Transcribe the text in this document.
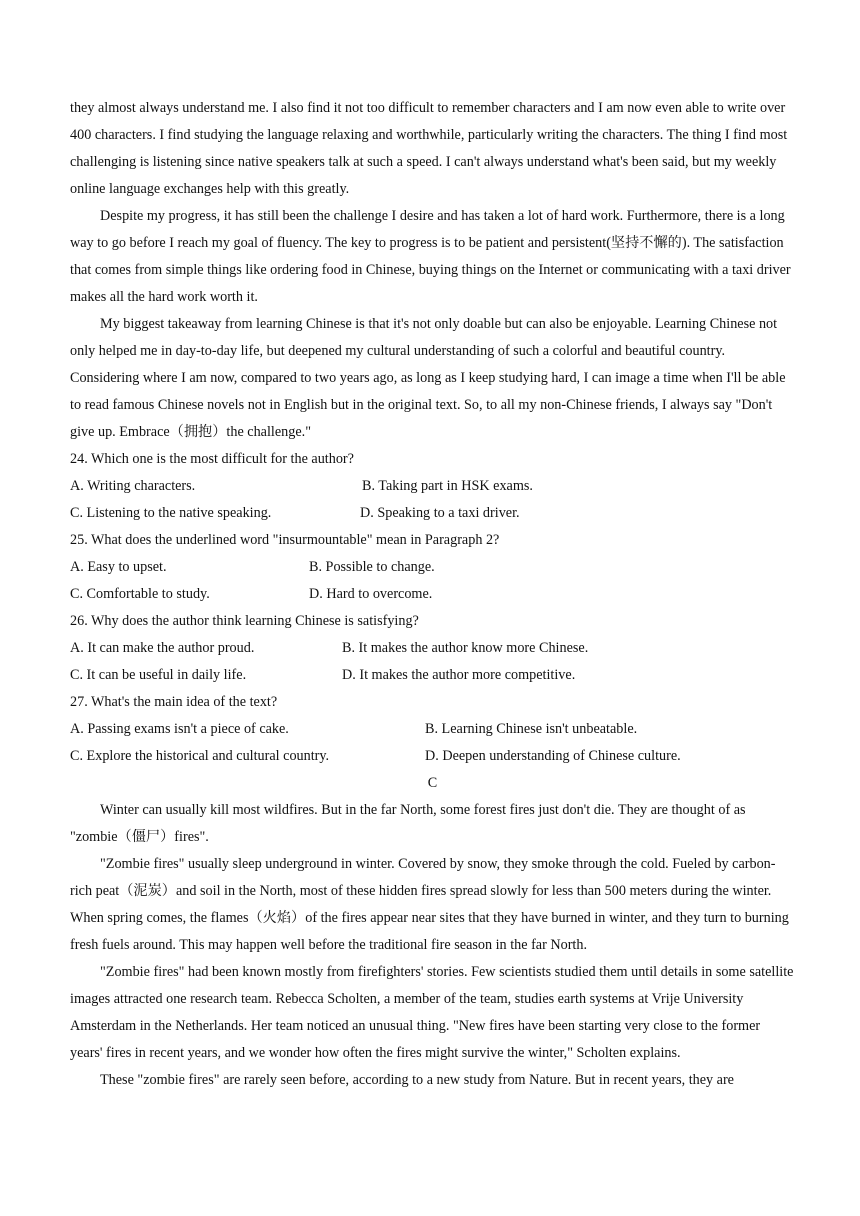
they almost always understand me. I also find it not too difficult to remember characters and I am now even able to write over 400 characters. I find studying the language relaxing and worthwhile, particularly writing the characters. The thing I find most challenging is listening since native speakers talk at such a speed. I can't always understand what's been said, but my weekly online language exchanges help with this greatly.

Despite my progress, it has still been the challenge I desire and has taken a lot of hard work. Furthermore, there is a long way to go before I reach my goal of fluency. The key to progress is to be patient and persistent(坚持不懈的). The satisfaction that comes from simple things like ordering food in Chinese, buying things on the Internet or communicating with a taxi driver makes all the hard work worth it.

My biggest takeaway from learning Chinese is that it's not only doable but can also be enjoyable. Learning Chinese not only helped me in day-to-day life, but deepened my cultural understanding of such a colorful and beautiful country. Considering where I am now, compared to two years ago, as long as I keep studying hard, I can image a time when I'll be able to read famous Chinese novels not in English but in the original text. So, to all my non-Chinese friends, I always say "Don't give up. Embrace（拥抱）the challenge."

24. Which one is the most difficult for the author?

A. Writing characters.	B. Taking part in HSK exams.
C. Listening to the native speaking.	D. Speaking to a taxi driver.

25. What does the underlined word "insurmountable" mean in Paragraph 2?

A. Easy to upset.	B. Possible to change.
C. Comfortable to study.	D. Hard to overcome.

26. Why does the author think learning Chinese is satisfying?

A. It can make the author proud.	B. It makes the author know more Chinese.
C. It can be useful in daily life.	D. It makes the author more competitive.

27. What's the main idea of the text?

A. Passing exams isn't a piece of cake.	B. Learning Chinese isn't unbeatable.
C. Explore the historical and cultural country.	D. Deepen understanding of Chinese culture.

C

Winter can usually kill most wildfires. But in the far North, some forest fires just don't die. They are thought of as "zombie（僵尸）fires".

"Zombie fires" usually sleep underground in winter. Covered by snow, they smoke through the cold. Fueled by carbon-rich peat（泥炭）and soil in the North, most of these hidden fires spread slowly for less than 500 meters during the winter. When spring comes, the flames（火焰）of the fires appear near sites that they have burned in winter, and they turn to burning fresh fuels around. This may happen well before the traditional fire season in the far North.

"Zombie fires" had been known mostly from firefighters' stories. Few scientists studied them until details in some satellite images attracted one research team. Rebecca Scholten, a member of the team, studies earth systems at Vrije University Amsterdam in the Netherlands. Her team noticed an unusual thing. "New fires have been starting very close to the former years' fires in recent years, and we wonder how often the fires might survive the winter," Scholten explains.

These "zombie fires" are rarely seen before, according to a new study from Nature. But in recent years, they are
